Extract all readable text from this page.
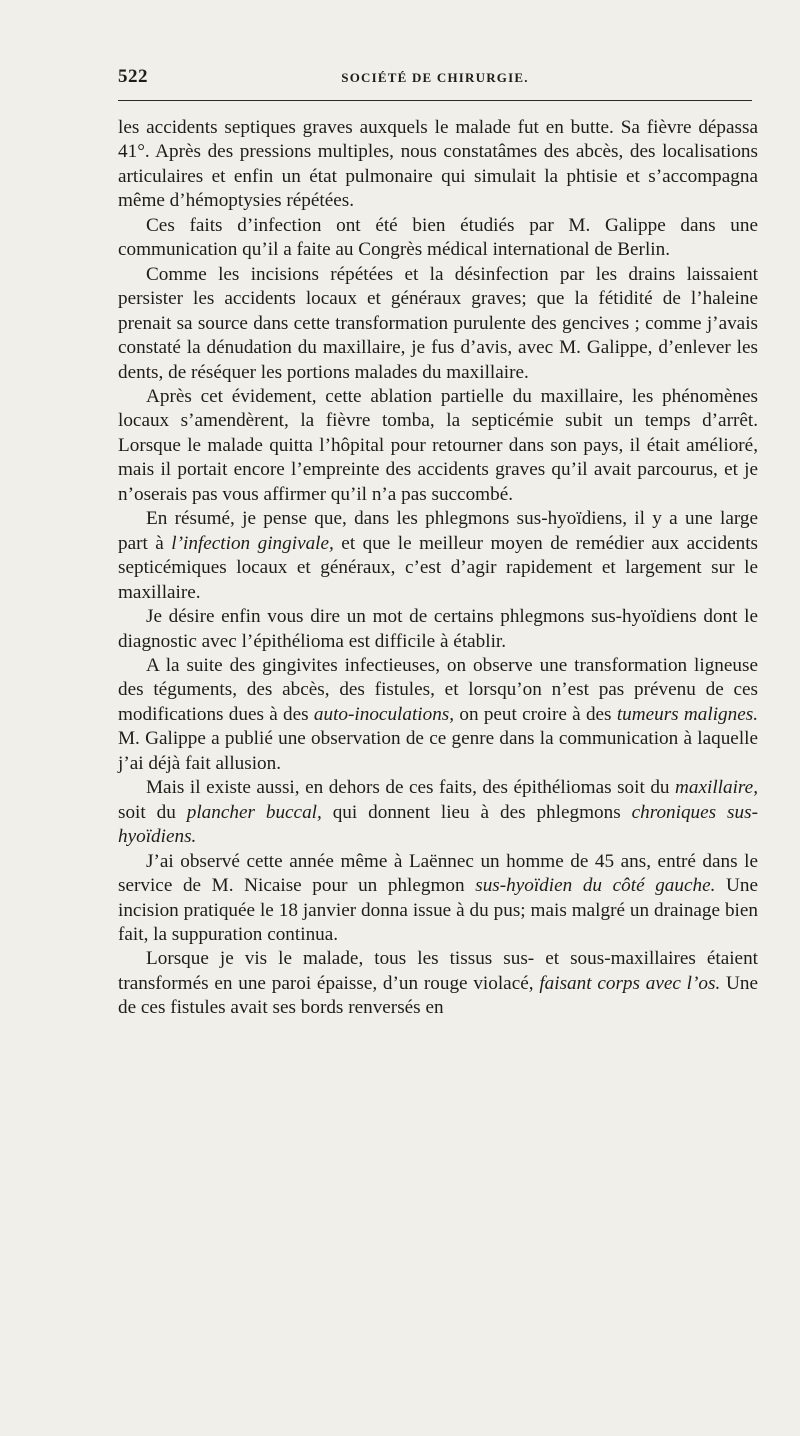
522	SOCIÉTÉ DE CHIRURGIE.

les accidents septiques graves auxquels le malade fut en butte. Sa fièvre dépassa 41°. Après des pressions multiples, nous constatâmes des abcès, des localisations articulaires et enfin un état pulmonaire qui simulait la phtisie et s’accompagna même d’hémoptysies répétées.

Ces faits d’infection ont été bien étudiés par M. Galippe dans une communication qu’il a faite au Congrès médical international de Berlin.

Comme les incisions répétées et la désinfection par les drains laissaient persister les accidents locaux et généraux graves; que la fétidité de l’haleine prenait sa source dans cette transformation purulente des gencives ; comme j’avais constaté la dénudation du maxillaire, je fus d’avis, avec M. Galippe, d’enlever les dents, de réséquer les portions malades du maxillaire.

Après cet évidement, cette ablation partielle du maxillaire, les phénomènes locaux s’amendèrent, la fièvre tomba, la septicémie subit un temps d’arrêt. Lorsque le malade quitta l’hôpital pour retourner dans son pays, il était amélioré, mais il portait encore l’empreinte des accidents graves qu’il avait parcourus, et je n’oserais pas vous affirmer qu’il n’a pas succombé.

En résumé, je pense que, dans les phlegmons sus-hyoïdiens, il y a une large part à l’infection gingivale, et que le meilleur moyen de remédier aux accidents septicémiques locaux et généraux, c’est d’agir rapidement et largement sur le maxillaire.

Je désire enfin vous dire un mot de certains phlegmons sus-hyoïdiens dont le diagnostic avec l’épithélioma est difficile à établir.

A la suite des gingivites infectieuses, on observe une transformation ligneuse des téguments, des abcès, des fistules, et lorsqu’on n’est pas prévenu de ces modifications dues à des auto-inoculations, on peut croire à des tumeurs malignes. M. Galippe a publié une observation de ce genre dans la communication à laquelle j’ai déjà fait allusion.

Mais il existe aussi, en dehors de ces faits, des épithéliomas soit du maxillaire, soit du plancher buccal, qui donnent lieu à des phlegmons chroniques sus-hyoïdiens.

J’ai observé cette année même à Laënnec un homme de 45 ans, entré dans le service de M. Nicaise pour un phlegmon sus-hyoïdien du côté gauche. Une incision pratiquée le 18 janvier donna issue à du pus; mais malgré un drainage bien fait, la suppuration continua.

Lorsque je vis le malade, tous les tissus sus- et sous-maxillaires étaient transformés en une paroi épaisse, d’un rouge violacé, faisant corps avec l’os. Une de ces fistules avait ses bords renversés en
